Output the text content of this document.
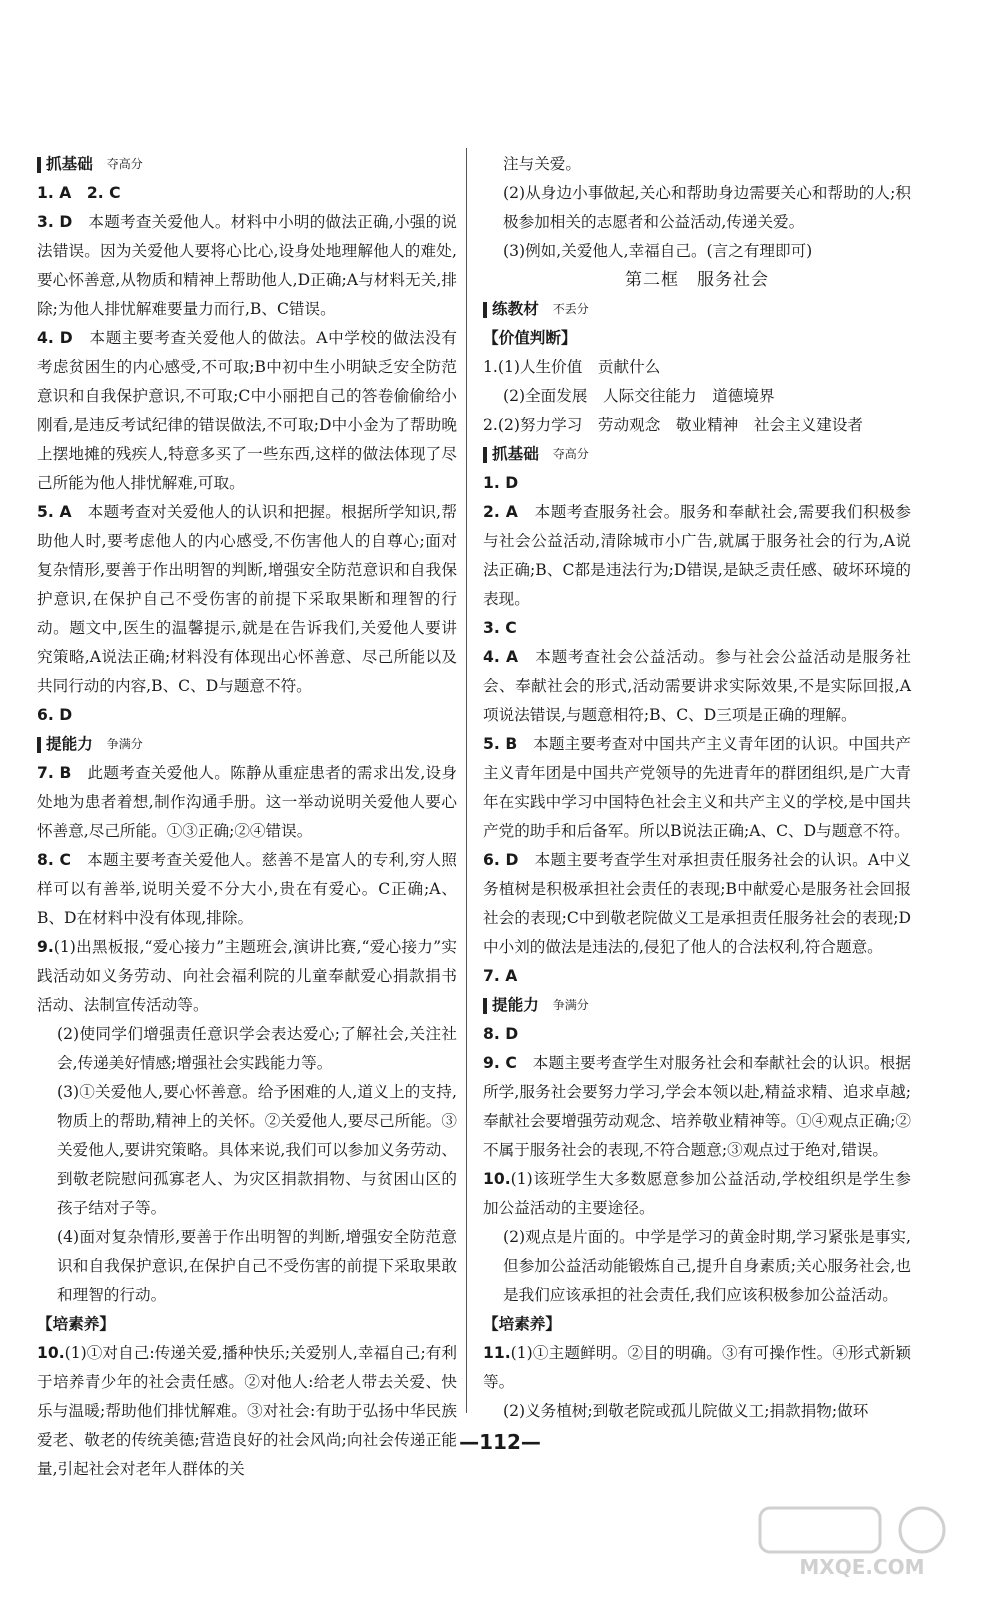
抓基础 夺高分
1. A　2. C
3. D　 本题考查关爱他人。材料中小明的做法正确,小强的说法错误。因为关爱他人要将心比心,设身处地理解他人的难处,要心怀善意,从物质和精神上帮助他人,D正确;A与材料无关,排除;为他人排忧解难要量力而行,B、C错误。
4. D　 本题主要考查关爱他人的做法。A中学校的做法没有考虑贫困生的内心感受,不可取;B中初中生小明缺乏安全防范意识和自我保护意识,不可取;C中小丽把自己的答卷偷偷给小刚看,是违反考试纪律的错误做法,不可取;D中小金为了帮助晚上摆地摊的残疾人,特意多买了一些东西,这样的做法体现了尽己所能为他人排忧解难,可取。
5. A　 本题考查对关爱他人的认识和把握。根据所学知识,帮助他人时,要考虑他人的内心感受,不伤害他人的自尊心;面对复杂情形,要善于作出明智的判断,增强安全防范意识和自我保护意识,在保护自己不受伤害的前提下采取果断和理智的行动。题文中,医生的温馨提示,就是在告诉我们,关爱他人要讲究策略,A说法正确;材料没有体现出心怀善意、尽己所能以及共同行动的内容,B、C、D与题意不符。
6. D
提能力 争满分
7. B　 此题考查关爱他人。陈静从重症患者的需求出发,设身处地为患者着想,制作沟通手册。这一举动说明关爱他人要心怀善意,尽己所能。①③正确;②④错误。
8. C　 本题主要考查关爱他人。慈善不是富人的专利,穷人照样可以有善举,说明关爱不分大小,贵在有爱心。C正确;A、B、D在材料中没有体现,排除。
9.(1)出黑板报,“爱心接力”主题班会,演讲比赛,“爱心接力”实践活动如义务劳动、向社会福利院的儿童奉献爱心捐款捐书活动、法制宣传活动等。
(2)使同学们增强责任意识学会表达爱心;了解社会,关注社会,传递美好情感;增强社会实践能力等。
(3)①关爱他人,要心怀善意。给予困难的人,道义上的支持,物质上的帮助,精神上的关怀。②关爱他人,要尽己所能。③关爱他人,要讲究策略。具体来说,我们可以参加义务劳动、到敬老院慰问孤寡老人、为灾区捐款捐物、与贫困山区的孩子结对子等。
(4)面对复杂情形,要善于作出明智的判断,增强安全防范意识和自我保护意识,在保护自己不受伤害的前提下采取果敢和理智的行动。
【培素养】
10.(1)①对自己:传递关爱,播种快乐;关爱别人,幸福自己;有利于培养青少年的社会责任感。②对他人:给老人带去关爱、快乐与温暖;帮助他们排忧解难。③对社会:有助于弘扬中华民族爱老、敬老的传统美德;营造良好的社会风尚;向社会传递正能量,引起社会对老年人群体的关
注与关爱。
(2)从身边小事做起,关心和帮助身边需要关心和帮助的人;积极参加相关的志愿者和公益活动,传递关爱。
(3)例如,关爱他人,幸福自己。(言之有理即可)
第二框　服务社会
练教材 不丢分
【价值判断】
1.(1)人生价值　贡献什么
(2)全面发展　人际交往能力　道德境界
2.(2)努力学习　劳动观念　敬业精神　社会主义建设者
抓基础 夺高分
1. D
2. A　 本题考查服务社会。服务和奉献社会,需要我们积极参与社会公益活动,清除城市小广告,就属于服务社会的行为,A说法正确;B、C都是违法行为;D错误,是缺乏责任感、破坏环境的表现。
3. C
4. A　 本题考查社会公益活动。参与社会公益活动是服务社会、奉献社会的形式,活动需要讲求实际效果,不是实际回报,A项说法错误,与题意相符;B、C、D三项是正确的理解。
5. B　 本题主要考查对中国共产主义青年团的认识。中国共产主义青年团是中国共产党领导的先进青年的群团组织,是广大青年在实践中学习中国特色社会主义和共产主义的学校,是中国共产党的助手和后备军。所以B说法正确;A、C、D与题意不符。
6. D　 本题主要考查学生对承担责任服务社会的认识。A中义务植树是积极承担社会责任的表现;B中献爱心是服务社会回报社会的表现;C中到敬老院做义工是承担责任服务社会的表现;D中小刘的做法是违法的,侵犯了他人的合法权利,符合题意。
7. A
提能力 争满分
8. D
9. C　 本题主要考查学生对服务社会和奉献社会的认识。根据所学,服务社会要努力学习,学会本领以赴,精益求精、追求卓越;奉献社会要增强劳动观念、培养敬业精神等。①④观点正确;②不属于服务社会的表现,不符合题意;③观点过于绝对,错误。
10.(1)该班学生大多数愿意参加公益活动,学校组织是学生参加公益活动的主要途径。
(2)观点是片面的。中学是学习的黄金时期,学习紧张是事实,但参加公益活动能锻炼自己,提升自身素质;关心服务社会,也是我们应该承担的社会责任,我们应该积极参加公益活动。
【培素养】
11.(1)①主题鲜明。②目的明确。③有可操作性。④形式新颖等。
(2)义务植树;到敬老院或孤儿院做义工;捐款捐物;做环
—112—
MXQE.COM
